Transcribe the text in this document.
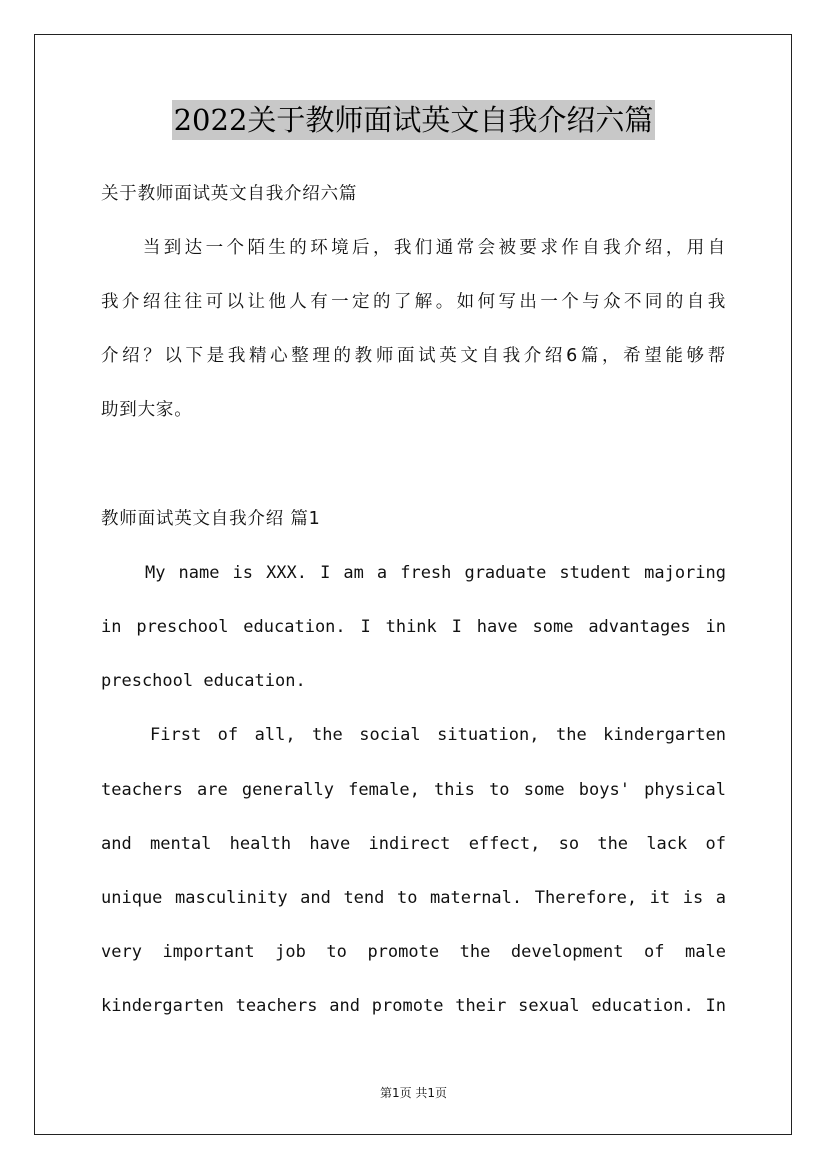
2022关于教师面试英文自我介绍六篇
关于教师面试英文自我介绍六篇
　　当到达一个陌生的环境后，我们通常会被要求作自我介绍，用自
我介绍往往可以让他人有一定的了解。如何写出一个与众不同的自我
介绍？以下是我精心整理的教师面试英文自我介绍6篇，希望能够帮
助到大家。
教师面试英文自我介绍 篇1
My name is XXX. I am a fresh graduate student majoring
in preschool education. I think I have some advantages in
preschool education.
First of all, the social situation, the kindergarten
teachers are generally female, this to some boys' physical
and mental health have indirect effect, so the lack of
unique masculinity and tend to maternal. Therefore, it is a
very important job to promote the development of male
kindergarten teachers and promote their sexual education. In
第1页 共1页
